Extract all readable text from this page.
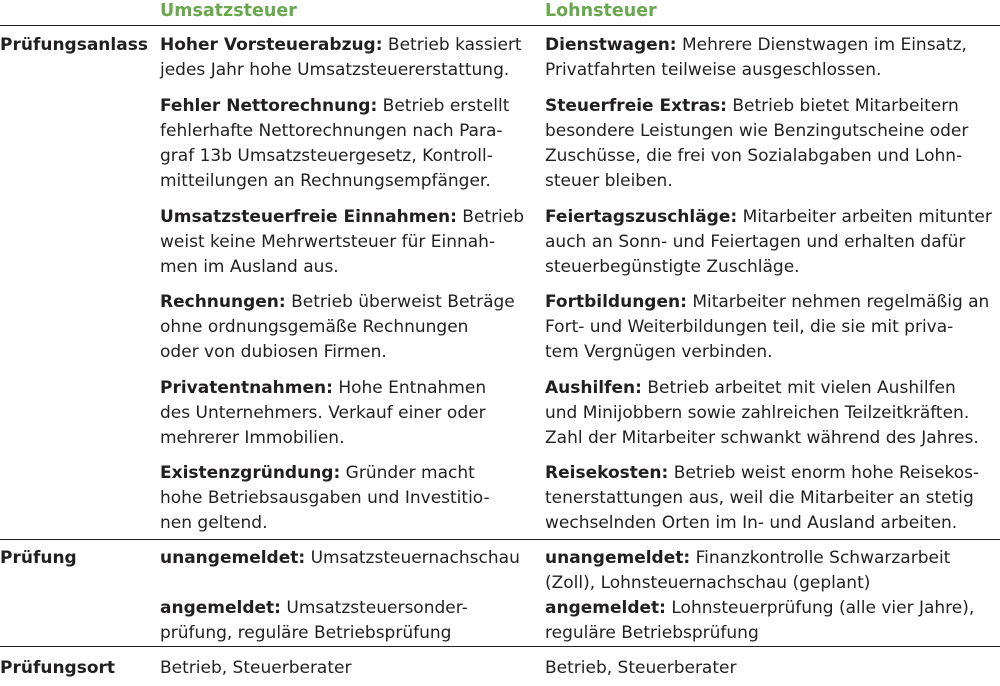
Umsatzsteuer	Lohnsteuer
Prüfungsanlass
Prüfung
Prüfungsort
Hoher Vorsteuerabzug: Betrieb kassiert
jedes Jahr hohe Umsatzsteuererstattung.
Fehler Nettorechnung: Betrieb erstellt
fehlerhafte Nettorechnungen nach Para-
graf 13b Umsatzsteuergesetz, Kontroll-
mitteilungen an Rechnungsempfänger.
Umsatzsteuerfreie Einnahmen: Betrieb
weist keine Mehrwertsteuer für Einnah-
men im Ausland aus.
Rechnungen: Betrieb überweist Beträge
ohne ordnungsgemäße Rechnungen
oder von dubiosen Firmen.
Privatentnahmen: Hohe Entnahmen
des Unternehmers. Verkauf einer oder
mehrerer Immobilien.
Existenzgründung: Gründer macht
hohe Betriebsausgaben und Investitio-
nen geltend.
Dienstwagen: Mehrere Dienstwagen im Einsatz,
Privatfahrten teilweise ausgeschlossen.
Steuerfreie Extras: Betrieb bietet Mitarbeitern
besondere Leistungen wie Benzingutscheine oder
Zuschüsse, die frei von Sozialabgaben und Lohn-
steuer bleiben.
Feiertagszuschläge: Mitarbeiter arbeiten mitunter
auch an Sonn- und Feiertagen und erhalten dafür
steuerbegünstigte Zuschläge.
Fortbildungen: Mitarbeiter nehmen regelmäßig an
Fort- und Weiterbildungen teil, die sie mit priva-
tem Vergnügen verbinden.
Aushilfen: Betrieb arbeitet mit vielen Aushilfen
und Minijobbern sowie zahlreichen Teilzeitkräften.
Zahl der Mitarbeiter schwankt während des Jahres.
Reisekosten: Betrieb weist enorm hohe Reisekos-
tenerstattungen aus, weil die Mitarbeiter an stetig
wechselnden Orten im In- und Ausland arbeiten.
unangemeldet: Umsatzsteuernachschau
angemeldet: Umsatzsteuersonder-
prüfung, reguläre Betriebsprüfung
unangemeldet: Finanzkontrolle Schwarzarbeit
(Zoll), Lohnsteuernachschau (geplant)
angemeldet: Lohnsteuerprüfung (alle vier Jahre),
reguläre Betriebsprüfung
Betrieb, Steuerberater	Betrieb, Steuerberater
